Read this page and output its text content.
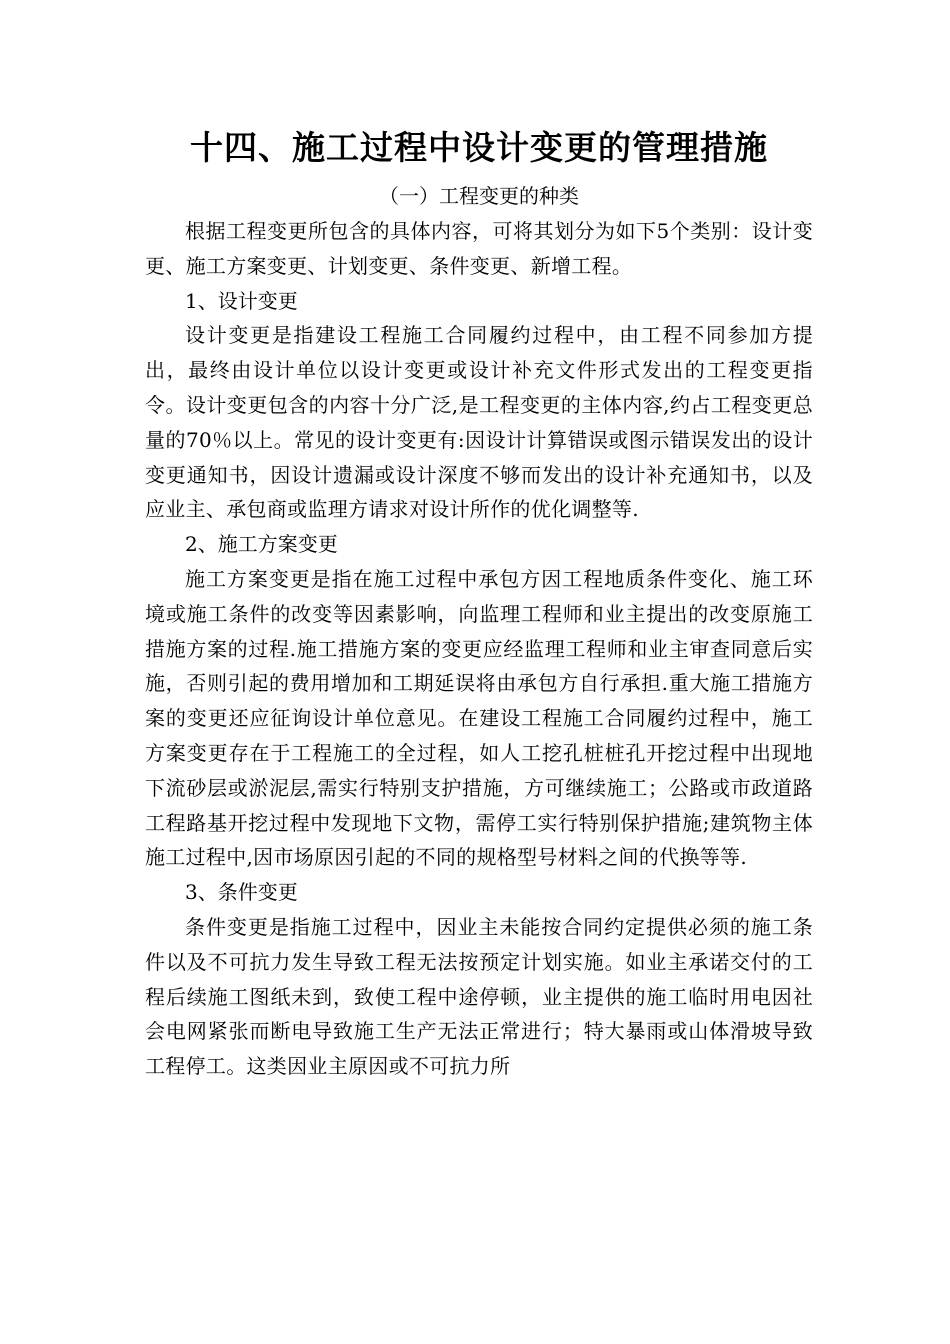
十四、施工过程中设计变更的管理措施

（一）工程变更的种类

根据工程变更所包含的具体内容，可将其划分为如下5个类别：设计变更、施工方案变更、计划变更、条件变更、新增工程。

1、设计变更

设计变更是指建设工程施工合同履约过程中，由工程不同参加方提出，最终由设计单位以设计变更或设计补充文件形式发出的工程变更指令。设计变更包含的内容十分广泛,是工程变更的主体内容,约占工程变更总量的70％以上。常见的设计变更有:因设计计算错误或图示错误发出的设计变更通知书，因设计遗漏或设计深度不够而发出的设计补充通知书，以及应业主、承包商或监理方请求对设计所作的优化调整等.

2、施工方案变更

施工方案变更是指在施工过程中承包方因工程地质条件变化、施工环境或施工条件的改变等因素影响，向监理工程师和业主提出的改变原施工措施方案的过程.施工措施方案的变更应经监理工程师和业主审查同意后实施，否则引起的费用增加和工期延误将由承包方自行承担.重大施工措施方案的变更还应征询设计单位意见。在建设工程施工合同履约过程中，施工方案变更存在于工程施工的全过程，如人工挖孔桩桩孔开挖过程中出现地下流砂层或淤泥层,需实行特别支护措施，方可继续施工；公路或市政道路工程路基开挖过程中发现地下文物，需停工实行特别保护措施;建筑物主体施工过程中,因市场原因引起的不同的规格型号材料之间的代换等等.

3、条件变更

条件变更是指施工过程中，因业主未能按合同约定提供必须的施工条件以及不可抗力发生导致工程无法按预定计划实施。如业主承诺交付的工程后续施工图纸未到，致使工程中途停顿，业主提供的施工临时用电因社会电网紧张而断电导致施工生产无法正常进行；特大暴雨或山体滑坡导致工程停工。这类因业主原因或不可抗力所
